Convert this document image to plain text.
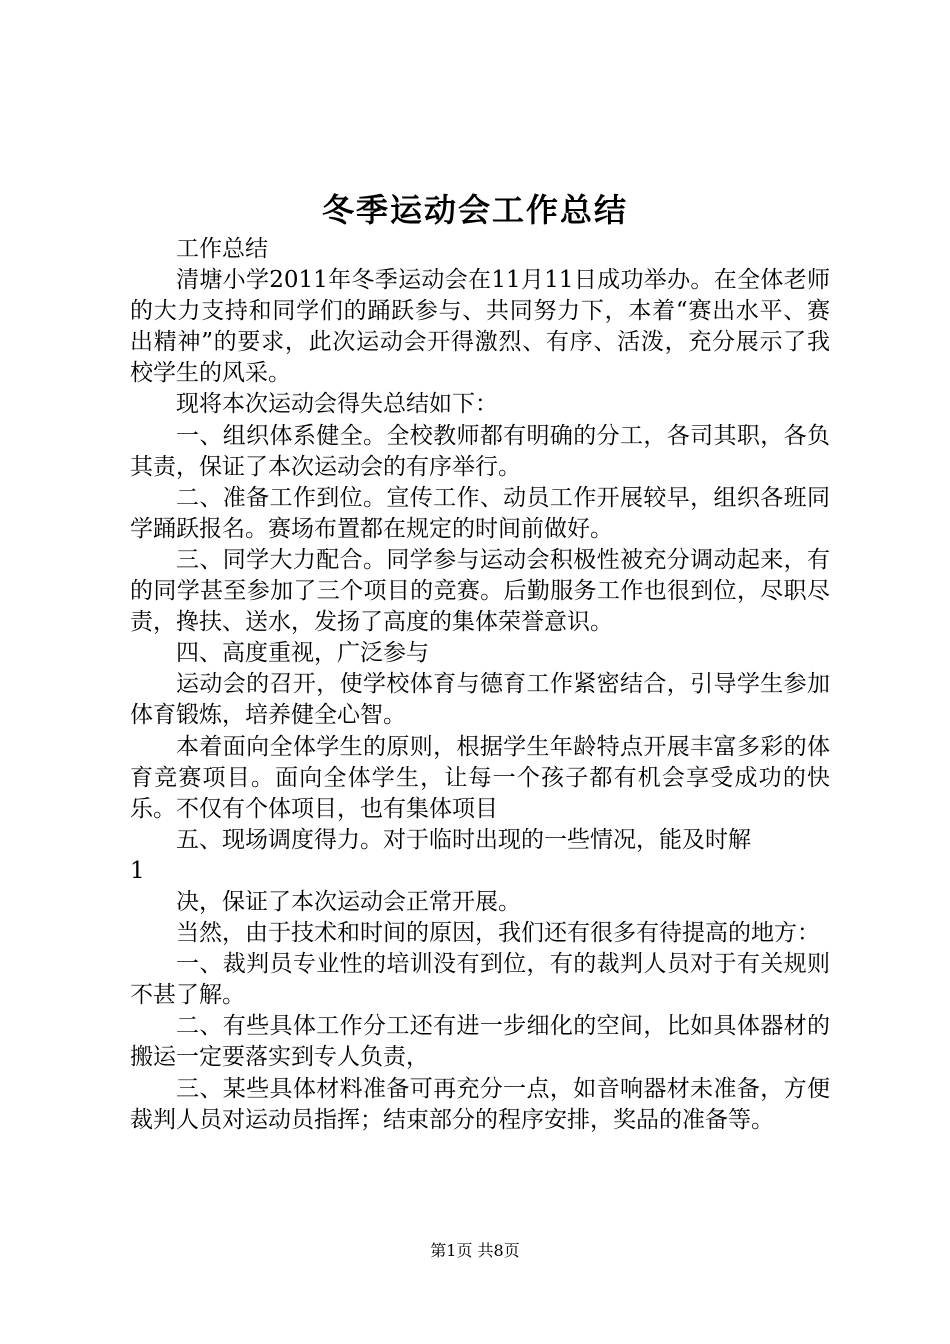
冬季运动会工作总结

工作总结

清塘小学2011年冬季运动会在11月11日成功举办。在全体老师的大力支持和同学们的踊跃参与、共同努力下，本着“赛出水平、赛出精神”的要求，此次运动会开得激烈、有序、活泼，充分展示了我校学生的风采。

现将本次运动会得失总结如下：

一、组织体系健全。全校教师都有明确的分工，各司其职，各负其责，保证了本次运动会的有序举行。

二、准备工作到位。宣传工作、动员工作开展较早，组织各班同学踊跃报名。赛场布置都在规定的时间前做好。

三、同学大力配合。同学参与运动会积极性被充分调动起来，有的同学甚至参加了三个项目的竞赛。后勤服务工作也很到位，尽职尽责，搀扶、送水，发扬了高度的集体荣誉意识。

四、高度重视，广泛参与

运动会的召开，使学校体育与德育工作紧密结合，引导学生参加体育锻炼，培养健全心智。

本着面向全体学生的原则，根据学生年龄特点开展丰富多彩的体育竞赛项目。面向全体学生，让每一个孩子都有机会享受成功的快乐。不仅有个体项目，也有集体项目

五、现场调度得力。对于临时出现的一些情况，能及时解

1

决，保证了本次运动会正常开展。

当然，由于技术和时间的原因，我们还有很多有待提高的地方：

一、裁判员专业性的培训没有到位，有的裁判人员对于有关规则不甚了解。

二、有些具体工作分工还有进一步细化的空间，比如具体器材的搬运一定要落实到专人负责，

三、某些具体材料准备可再充分一点，如音响器材未准备，方便裁判人员对运动员指挥；结束部分的程序安排，奖品的准备等。

第1页 共8页
